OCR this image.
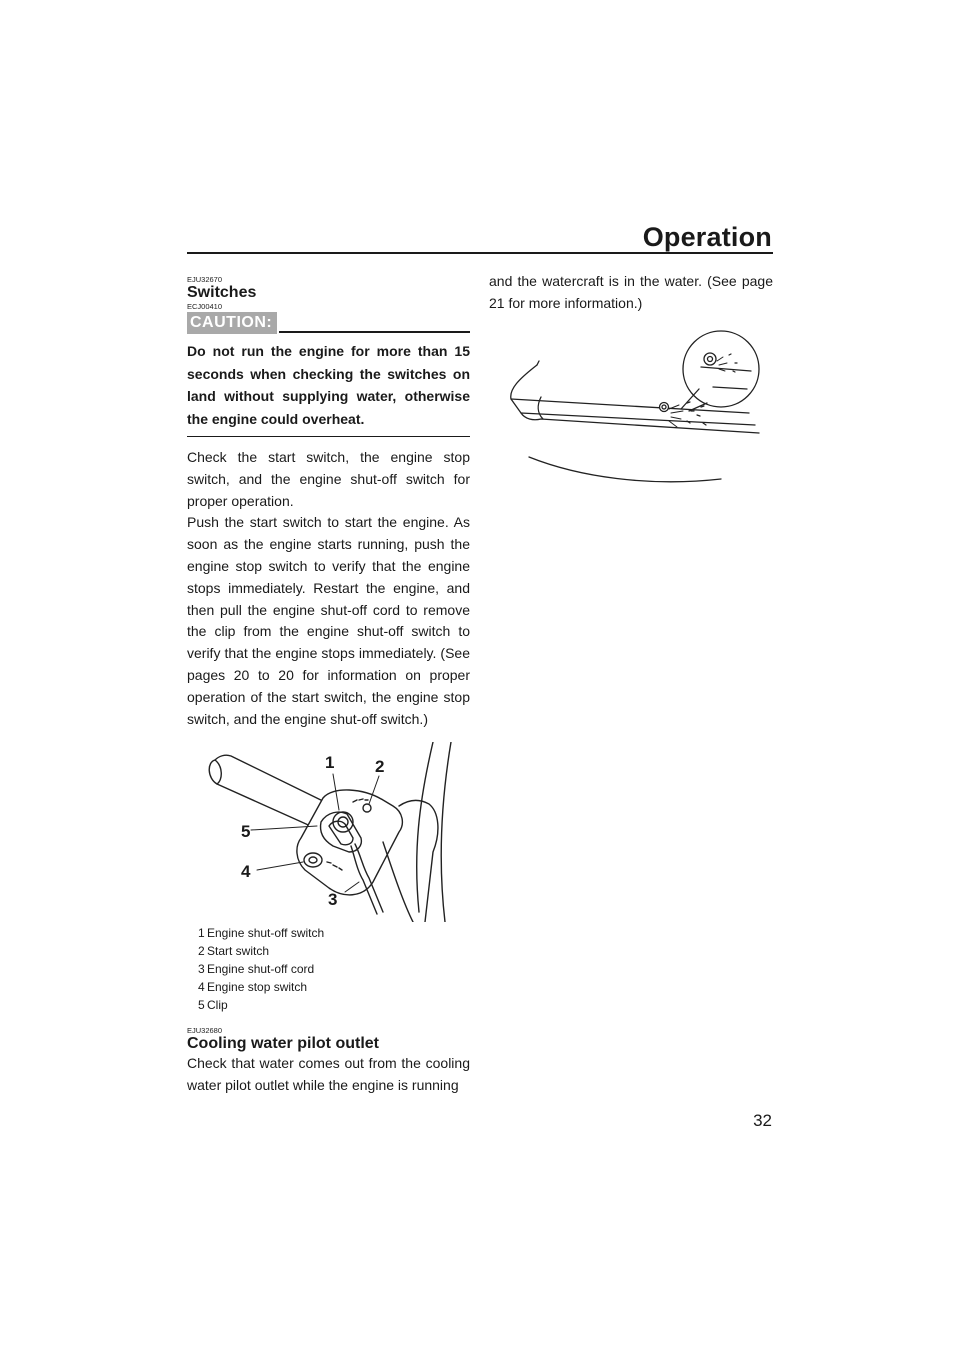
Operation
EJU32670
Switches
ECJ00410
CAUTION:
Do not run the engine for more than 15 seconds when checking the switches on land without supplying water, otherwise the engine could overheat.

Check the start switch, the engine stop switch, and the engine shut-off switch for proper operation.

Push the start switch to start the engine. As soon as the engine starts running, push the engine stop switch to verify that the engine stops immediately. Restart the engine, and then pull the engine shut-off cord to remove the clip from the engine shut-off switch to verify that the engine stops immediately. (See pages 20 to 20 for information on proper operation of the start switch, the engine stop switch, and the engine shut-off switch.)

1 2
3
4
5
1 Engine shut-off switch
2 Start switch
3 Engine shut-off cord
4 Engine stop switch
5 Clip
EJU32680
Cooling water pilot outlet

Check that water comes out from the cooling water pilot outlet while the engine is running

and the watercraft is in the water. (See page 21 for more information.)

32
